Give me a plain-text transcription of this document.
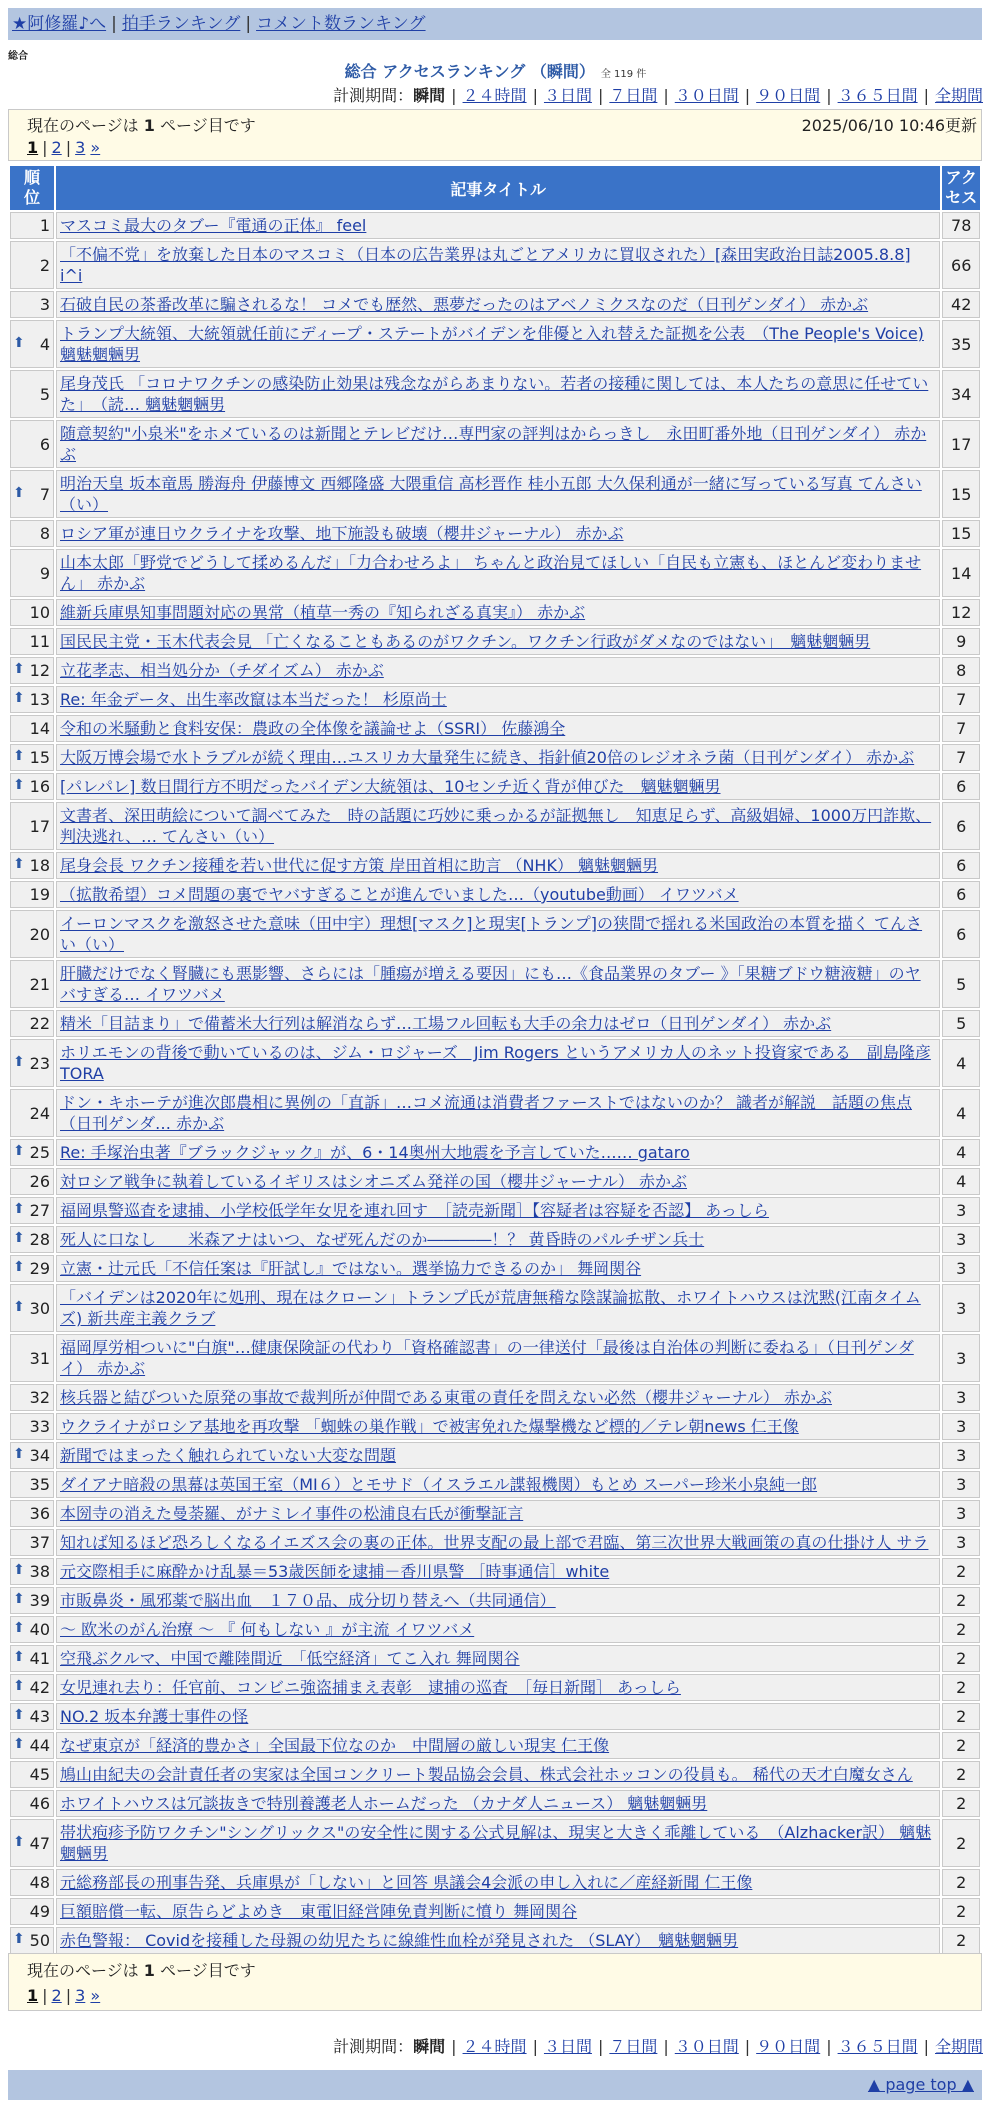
★阿修羅♪へ | 拍手ランキング | コメント数ランキング
総合
総合 アクセスランキング （瞬間） 全 119 件
計測期間：瞬間 | ２４時間 | ３日間 | ７日間 | ３０日間 | ９０日間 | ３６５日間 | 全期間
現在のページは 1 ページ目です	2025/06/10 10:46更新
1 | 2 | 3 »
順位	記事タイトル	アクセス
1	マスコミ最大のタブー『電通の正体』 feel	78
2	「不偏不党」を放棄した日本のマスコミ（日本の広告業界は丸ごとアメリカに買収された）[森田実政治日誌2005.8.8] i^i	66
3	石破自民の茶番改革に騙されるな！ コメでも歴然、悪夢だったのはアベノミクスなのだ（日刊ゲンダイ） 赤かぶ	42

⬆ 4	トランプ大統領、大統領就任前にディープ・ステートがバイデンを俳優と入れ替えた証拠を公表　（The People's Voice) 魑魅魍魎男	35
5	尾身茂氏 「コロナワクチンの感染防止効果は残念ながらあまりない。若者の接種に関しては、本人たちの意思に任せていた」　（読… 魑魅魍魎男	34
6	随意契約"小泉米"をホメているのは新聞とテレビだけ…専門家の評判はからっきし　永田町番外地（日刊ゲンダイ） 赤かぶ	17

⬆ 7	明治天皇 坂本竜馬 勝海舟 伊藤博文 西郷隆盛 大隈重信 高杉晋作 桂小五郎 大久保利通が一緒に写っている写真 てんさい（い）	15
8	ロシア軍が連日ウクライナを攻撃、地下施設も破壊（櫻井ジャーナル） 赤かぶ	15
9	山本太郎「野党でどうして揉めるんだ」「力合わせろよ」 ちゃんと政治見てほしい「自民も立憲も、ほとんど変わりません」 赤かぶ	14
10	維新兵庫県知事問題対応の異常（植草一秀の『知られざる真実』） 赤かぶ	12
11	国民民主党・玉木代表会見 「亡くなることもあるのがワクチン。ワクチン行政がダメなのではない」　魑魅魍魎男	9

⬆ 12	立花孝志、相当処分か（チダイズム） 赤かぶ	8

⬆ 13	Re: 年金データ、出生率改竄は本当だった！ 杉原尚士	7
14	令和の米騒動と食料安保：農政の全体像を議論せよ（SSRI） 佐藤鴻全	7

⬆ 15	大阪万博会場で水トラブルが続く理由…ユスリカ大量発生に続き、指針値20倍のレジオネラ菌（日刊ゲンダイ） 赤かぶ	7

⬆ 16	[パレパレ] 数日間行方不明だったバイデン大統領は、10センチ近く背が伸びた　魑魅魍魎男	6
17	文書者、深田萌絵について調べてみた　時の話題に巧妙に乗っかるが証拠無し　知恵足らず、高級娼婦、1000万円詐欺、判決逃れ、… てんさい（い）	6

⬆ 18	尾身会長 ワクチン接種を若い世代に促す方策 岸田首相に助言 （NHK） 魑魅魍魎男	6
19	（拡散希望）コメ問題の裏でヤバすぎることが進んでいました…（youtube動画） イワツバメ	6
20	イーロンマスクを激怒させた意味（田中宇）理想[マスク]と現実[トランプ]の狭間で揺れる米国政治の本質を描く てんさい（い）	6
21	肝臓だけでなく腎臓にも悪影響、さらには「腫瘍が増える要因」にも…《食品業界のタブー 》「果糖ブドウ糖液糖」のヤバすぎる… イワツバメ	5
22	精米「目詰まり」で備蓄米大行列は解消ならず…工場フル回転も大手の余力はゼロ（日刊ゲンダイ） 赤かぶ	5

⬆ 23	ホリエモンの背後で動いているのは、ジム・ロジャーズ　Jim Rogers というアメリカ人のネット投資家である　副島隆彦 TORA	4
24	ドン・キホーテが進次郎農相に異例の「直訴」…コメ流通は消費者ファーストではないのか？ 識者が解説　話題の焦点（日刊ゲンダ… 赤かぶ	4

⬆ 25	Re: 手塚治虫著『ブラックジャック』が、6・14奥州大地震を予言していた…… gataro	4
26	対ロシア戦争に執着しているイギリスはシオニズム発祥の国（櫻井ジャーナル） 赤かぶ	4

⬆ 27	福岡県警巡査を逮捕、小学校低学年女児を連れ回す　［読売新聞］【容疑者は容疑を否認】 あっしら	3

⬆ 28	死人に口なし　　米森アナはいつ、なぜ死んだのか――――！？ 黄昏時のパルチザン兵士	3

⬆ 29	立憲・辻元氏「不信任案は『肝試し』ではない。選挙協力できるのか」 舞岡関谷	3

⬆ 30	「バイデンは2020年に処刑、現在はクローン」トランプ氏が荒唐無稽な陰謀論拡散、ホワイトハウスは沈黙(江南タイムズ) 新共産主義クラブ	3
31	福岡厚労相ついに"白旗"…健康保険証の代わり「資格確認書」の一律送付「最後は自治体の判断に委ねる」（日刊ゲンダイ） 赤かぶ	3
32	核兵器と結びついた原発の事故で裁判所が仲間である東電の責任を問えない必然（櫻井ジャーナル） 赤かぶ	3
33	ウクライナがロシア基地を再攻撃 「蜘蛛の巣作戦」で被害免れた爆撃機など標的／テレ朝news 仁王像	3

⬆ 34	新聞ではまったく触れられていない大変な問題	3
35	ダイアナ暗殺の黒幕は英国王室（MI６）とモサド（イスラエル諜報機関）もとめ スーパー珍米小泉純一郎	3
36	本圀寺の消えた曼荼羅、がナミレイ事件の松浦良右氏が衝撃証言	3
37	知れば知るほど恐ろしくなるイエズス会の裏の正体。世界支配の最上部で君臨、第三次世界大戦画策の真の仕掛け人 サラ	3

⬆ 38	元交際相手に麻酔かけ乱暴＝53歳医師を逮捕－香川県警 ［時事通信］white	2

⬆ 39	市販鼻炎・風邪薬で脳出血　１７０品、成分切り替えへ（共同通信）	2

⬆ 40	～ 欧米のがん治療 ～ 『 何もしない 』が主流 イワツバメ	2

⬆ 41	空飛ぶクルマ、中国で離陸間近　「低空経済」てこ入れ 舞岡関谷	2

⬆ 42	女児連れ去り：任官前、コンビニ強盗捕まえ表彰　逮捕の巡査　［毎日新聞］ あっしら	2

⬆ 43	NO.2 坂本弁護士事件の怪	2

⬆ 44	なぜ東京が「経済的豊かさ」全国最下位なのか　中間層の厳しい現実 仁王像	2
45	鳩山由紀夫の会計責任者の実家は全国コンクリート製品協会会員、株式会社ホッコンの役員も。 稀代の天才白魔女さん	2
46	ホワイトハウスは冗談抜きで特別養護老人ホームだった （カナダ人ニュース） 魑魅魍魎男	2

⬆ 47	帯状疱疹予防ワクチン"シングリックス"の安全性に関する公式見解は、現実と大きく乖離している　（Alzhacker訳） 魑魅魍魎男	2
48	元総務部長の刑事告発、兵庫県が「しない」と回答 県議会4会派の申し入れに／産経新聞 仁王像	2
49	巨額賠償一転、原告らどよめき　東電旧経営陣免責判断に憤り 舞岡関谷	2

⬆ 50	赤色警報： Covidを接種した母親の幼児たちに線維性血栓が発見された （SLAY）　魑魅魍魎男	2
現在のページは 1 ページ目です
1 | 2 | 3 »
計測期間：瞬間 | ２４時間 | ３日間 | ７日間 | ３０日間 | ９０日間 | ３６５日間 | 全期間
▲ page top ▲
